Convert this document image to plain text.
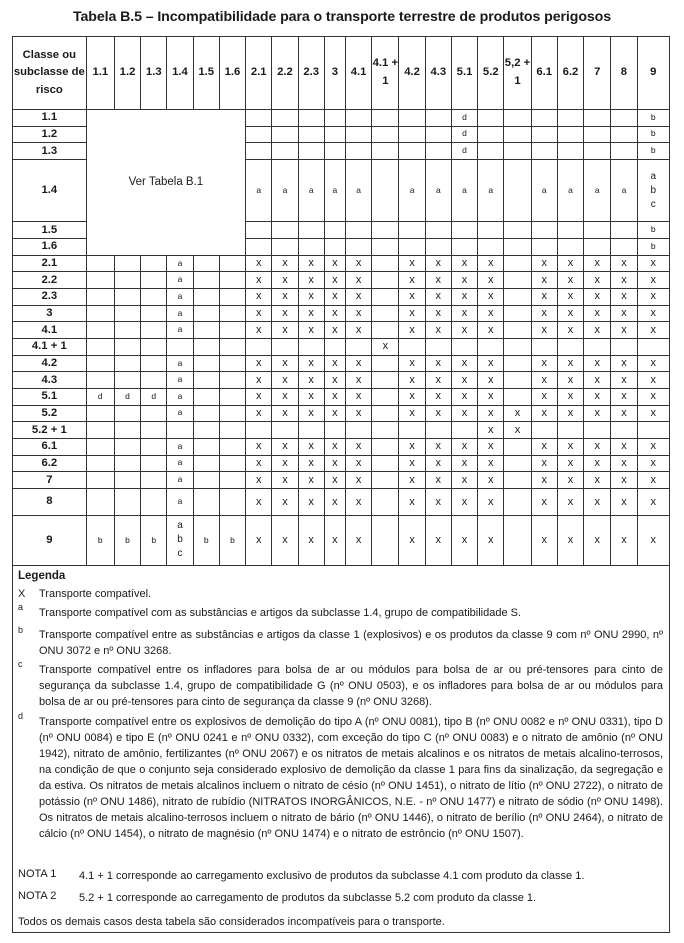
Tabela B.5 – Incompatibilidade para o transporte terrestre de produtos perigosos
Classe ou subclasse de risco	1.1	1.2	1.3	1.4	1.5	1.6	2.1	2.2	2.3	3	4.1	4.1 + 1	4.2	4.3	5.1	5.2	5,2 + 1	6.1	6.2	7	8	9
1.1	Ver Tabela B.1														d							b
1.2															d							b
1.3															d							b
1.4							a	a	a	a	a		a	a	a	a		a	a	a	a	a b c
1.5																						b
1.6																						b
2.1				a			x	x	x	x	x		x	x	x	x		x	x	x	x	x
2.2				a			x	x	x	x	x		x	x	x	x		x	x	x	x	x
2.3				a			x	x	x	x	x		x	x	x	x		x	x	x	x	x
3				a			x	x	x	x	x		x	x	x	x		x	x	x	x	x
4.1				a			x	x	x	x	x		x	x	x	x		x	x	x	x	x
4.1 + 1												x										
4.2				a			x	x	x	x	x		x	x	x	x		x	x	x	x	x
4.3				a			x	x	x	x	x		x	x	x	x		x	x	x	x	x
5.1	d	d	d	a			x	x	x	x	x		x	x	x	x		x	x	x	x	x
5.2				a			x	x	x	x	x		x	x	x	x	x	x	x	x	x	x
5.2 + 1																x	x					
6.1				a			x	x	x	x	x		x	x	x	x		x	x	x	x	x
6.2				a			x	x	x	x	x		x	x	x	x		x	x	x	x	x
7				a			x	x	x	x	x		x	x	x	x		x	x	x	x	x
8				a			x	x	x	x	x		x	x	x	x		x	x	x	x	x
9	b	b	b	a b c	b	b	x	x	x	x	x		x	x	x	x		x	x	x	x	x
Legenda
X Transporte compatível.
a Transporte compatível com as substâncias e artigos da subclasse 1.4, grupo de compatibilidade S.
b Transporte compatível entre as substâncias e artigos da classe 1 (explosivos) e os produtos da classe 9 com nº ONU 2990, nº ONU 3072 e nº ONU 3268.
c Transporte compatível entre os infladores para bolsa de ar ou módulos para bolsa de ar ou pré-tensores para cinto de segurança da subclasse 1.4, grupo de compatibilidade G (nº ONU 0503), e os infladores para bolsa de ar ou módulos para bolsa de ar ou pré-tensores para cinto de segurança da classe 9 (nº ONU 3268).
d Transporte compatível entre os explosivos de demolição do tipo A (nº ONU 0081), tipo B (nº ONU 0082 e nº ONU 0331), tipo D (nº ONU 0084) e tipo E (nº ONU 0241 e nº ONU 0332), com exceção do tipo C (nº ONU 0083) e o nitrato de amônio (nº ONU 1942), nitrato de amônio, fertilizantes (nº ONU 2067) e os nitratos de metais alcalinos e os nitratos de metais alcalino-terrosos, na condição de que o conjunto seja considerado explosivo de demolição da classe 1 para fins da sinalização, da segregação e da estiva. Os nitratos de metais alcalinos incluem o nitrato de césio (nº ONU 1451), o nitrato de lítio (nº ONU 2722), o nitrato de potássio (nº ONU 1486), nitrato de rubídio (NITRATOS INORGÂNICOS, N.E. - nº ONU 1477) e nitrato de sódio (nº ONU 1498). Os nitratos de metais alcalino-terrosos incluem o nitrato de bário (nº ONU 1446), o nitrato de berílio (nº ONU 2464), o nitrato de cálcio (nº ONU 1454), o nitrato de magnésio (nº ONU 1474) e o nitrato de estrôncio (nº ONU 1507).
NOTA 1 4.1 + 1 corresponde ao carregamento exclusivo de produtos da subclasse 4.1 com produto da classe 1.
NOTA 2 5.2 + 1 corresponde ao carregamento de produtos da subclasse 5.2 com produto da classe 1.
Todos os demais casos desta tabela são considerados incompatíveis para o transporte.
